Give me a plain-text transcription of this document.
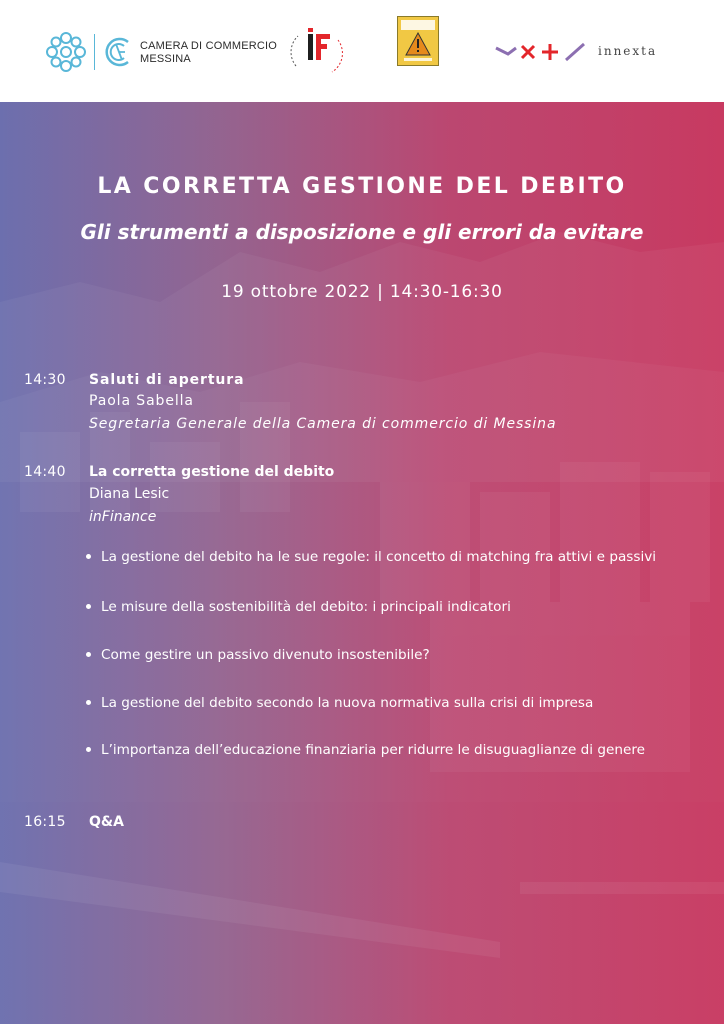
CAMERA DI COMMERCIO
MESSINA
innexta
LA CORRETTA GESTIONE DEL DEBITO
Gli strumenti a disposizione e gli errori da evitare
19 ottobre 2022 | 14:30-16:30
14:30 Saluti di apertura
Paola Sabella
Segretaria Generale della Camera di commercio di Messina
14:40 La corretta gestione del debito
Diana Lesic
inFinance
La gestione del debito ha le sue regole: il concetto di matching fra attivi e passivi
Le misure della sostenibilità del debito: i principali indicatori
Come gestire un passivo divenuto insostenibile?
La gestione del debito secondo la nuova normativa sulla crisi di impresa
L’importanza dell’educazione finanziaria per ridurre le disuguaglianze di genere
16:15 Q&A
